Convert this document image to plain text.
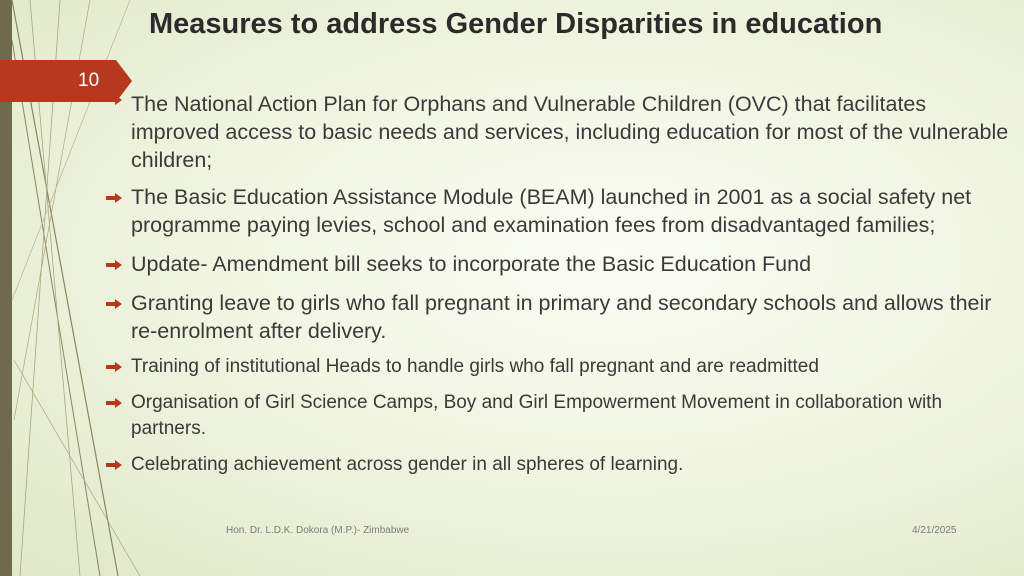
10
Measures to address Gender Disparities in education
The National Action Plan for Orphans and Vulnerable Children (OVC) that facilitates improved access to basic needs and services, including education for most of the vulnerable children;
The Basic Education Assistance Module (BEAM) launched in 2001 as a social safety net programme paying levies, school and examination fees from disadvantaged families;
Update- Amendment bill seeks to incorporate the Basic Education Fund
Granting leave to girls who fall pregnant in primary and secondary schools and allows their re-enrolment after delivery.
Training of institutional Heads to handle girls who fall pregnant and are readmitted
Organisation of Girl Science Camps, Boy and Girl Empowerment Movement in collaboration with partners.
Celebrating achievement across gender in all spheres of learning.
Hon. Dr. L.D.K. Dokora (M.P.)- Zimbabwe	4/21/2025
